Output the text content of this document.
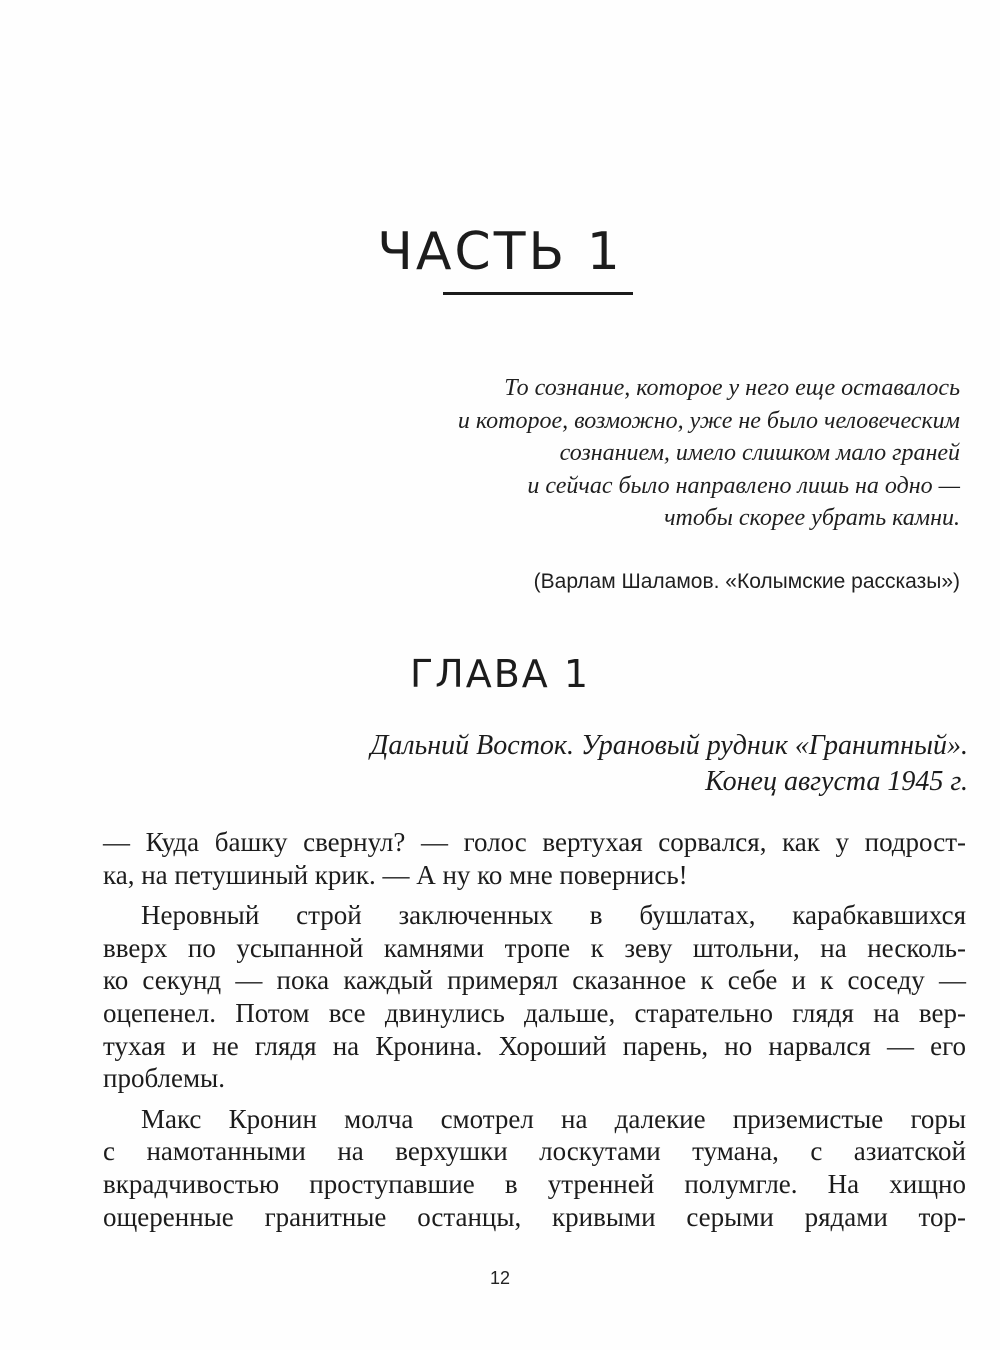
ЧАСТЬ 1
То сознание, которое у него еще оставалось
и которое, возможно, уже не было человеческим
сознанием, имело слишком мало граней
и сейчас было направлено лишь на одно —
чтобы скорее убрать камни.
(Варлам Шаламов. «Колымские рассказы»)
ГЛАВА 1
Дальний Восток. Урановый рудник «Гранитный».
Конец августа 1945 г.

— Куда башку свернул? — голос вертухая сорвался, как у подрост-
ка, на петушиный крик. — А ну ко мне повернись!

Неровный строй заключенных в бушлатах, карабкавшихся
вверх по усыпанной камнями тропе к зеву штольни, на несколь-
ко секунд — пока каждый примерял сказанное к себе и к соседу —
оцепенел. Потом все двинулись дальше, старательно глядя на вер-
тухая и не глядя на Кронина. Хороший парень, но нарвался — его
проблемы.

Макс Кронин молча смотрел на далекие приземистые горы
с намотанными на верхушки лоскутами тумана, с азиатской
вкрадчивостью проступавшие в утренней полумгле. На хищно
ощеренные гранитные останцы, кривыми серыми рядами тор-

12
